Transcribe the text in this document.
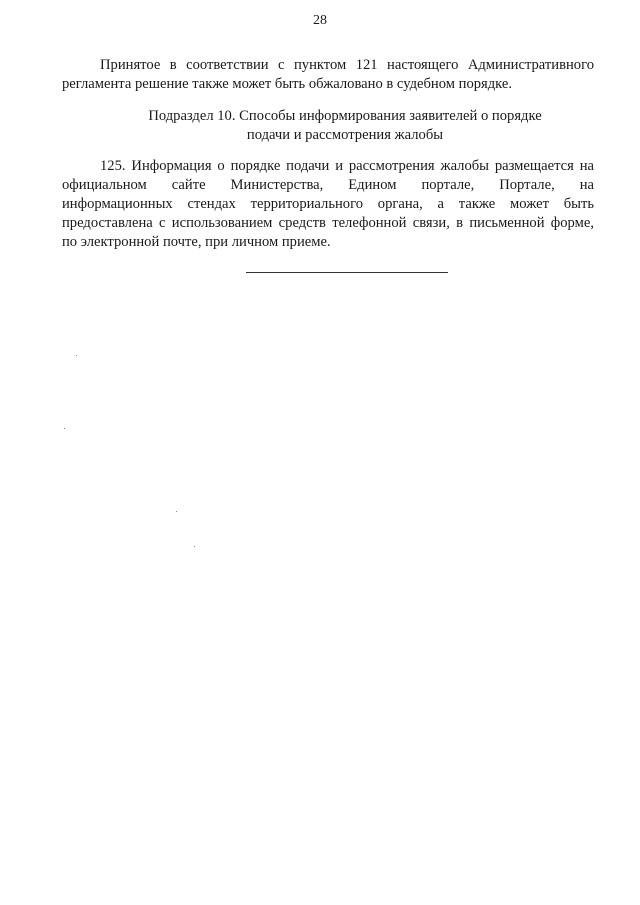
28
Принятое в соответствии с пунктом 121 настоящего Административного
регламента решение также может быть обжаловано в судебном порядке.
Подраздел 10. Способы информирования заявителей о порядке
подачи и рассмотрения жалобы
125. Информация о порядке подачи и рассмотрения жалобы размещается на
официальном сайте Министерства, Едином портале, Портале, на
информационных стендах территориального органа, а также может быть
предоставлена с использованием средств телефонной связи, в письменной форме,
по электронной почте, при личном приеме.
